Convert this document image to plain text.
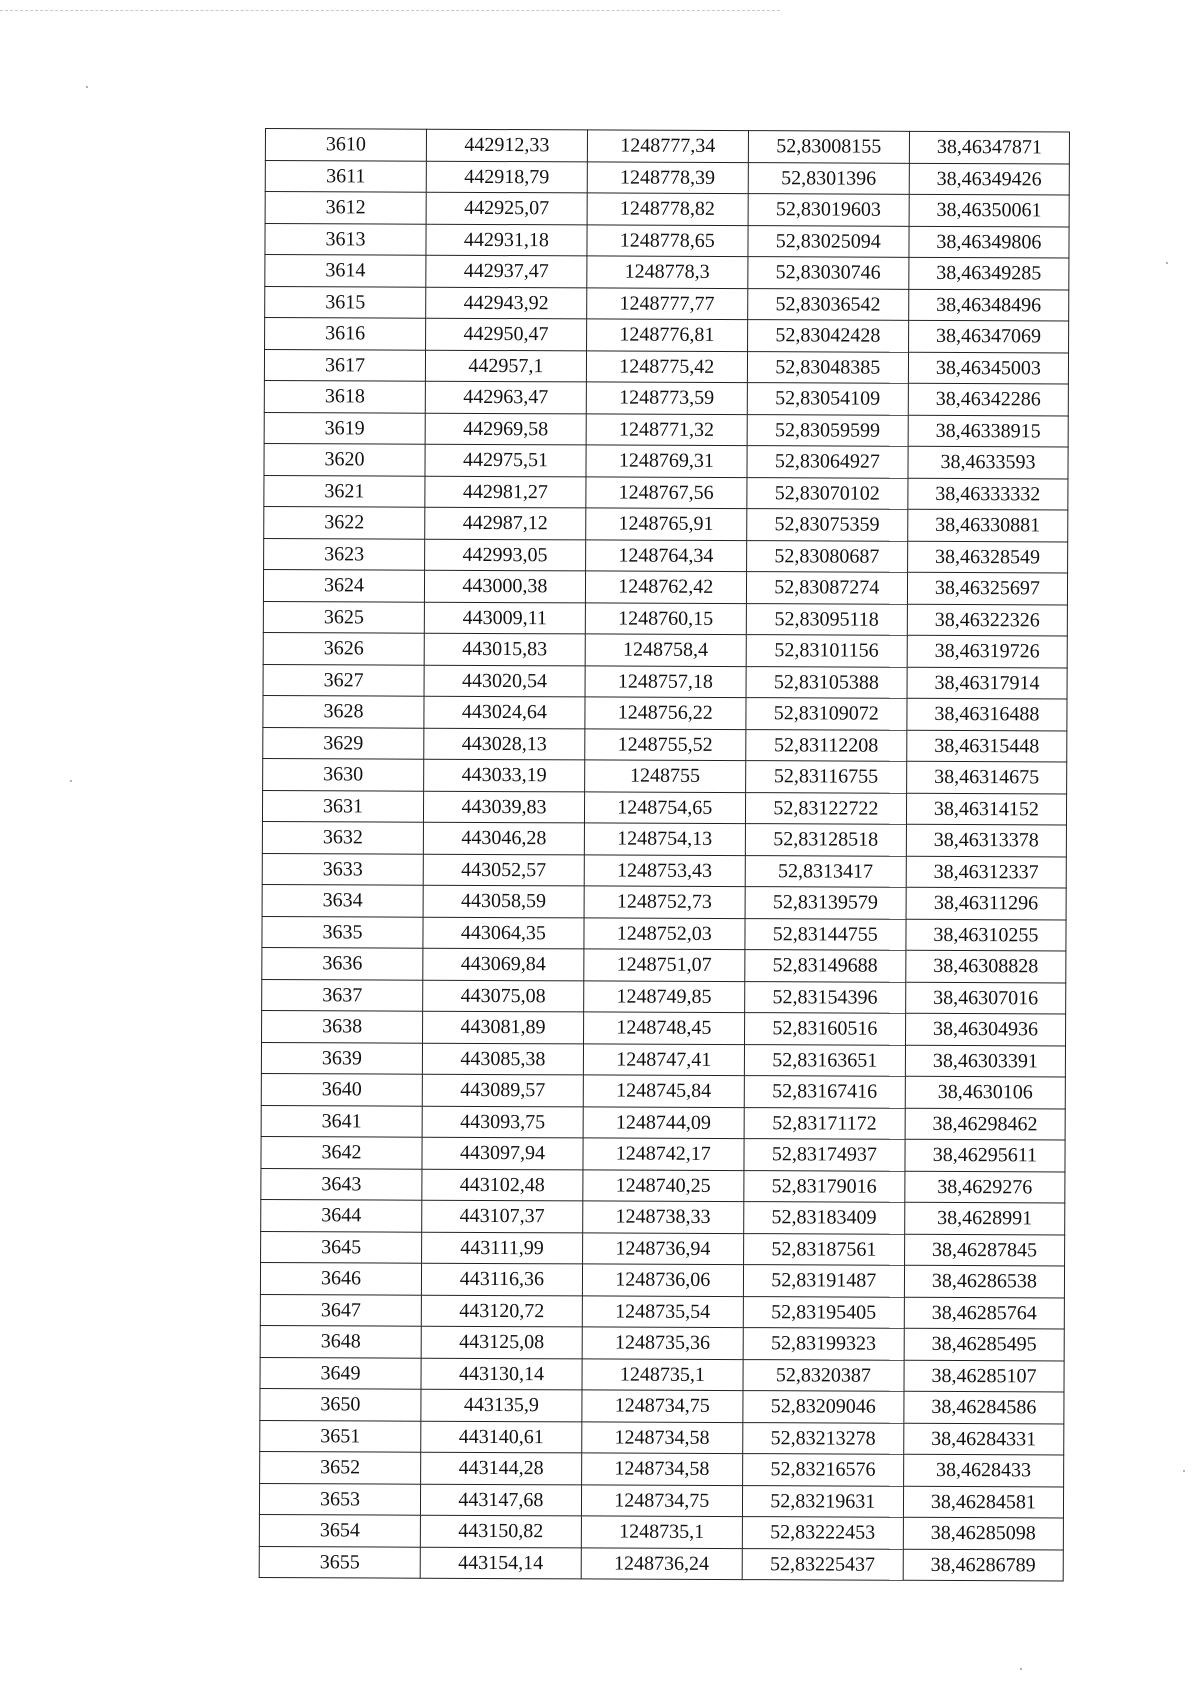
3610	442912,33	1248777,34	52,83008155	38,46347871
3611	442918,79	1248778,39	52,8301396	38,46349426
3612	442925,07	1248778,82	52,83019603	38,46350061
3613	442931,18	1248778,65	52,83025094	38,46349806
3614	442937,47	1248778,3	52,83030746	38,46349285
3615	442943,92	1248777,77	52,83036542	38,46348496
3616	442950,47	1248776,81	52,83042428	38,46347069
3617	442957,1	1248775,42	52,83048385	38,46345003
3618	442963,47	1248773,59	52,83054109	38,46342286
3619	442969,58	1248771,32	52,83059599	38,46338915
3620	442975,51	1248769,31	52,83064927	38,4633593
3621	442981,27	1248767,56	52,83070102	38,46333332
3622	442987,12	1248765,91	52,83075359	38,46330881
3623	442993,05	1248764,34	52,83080687	38,46328549
3624	443000,38	1248762,42	52,83087274	38,46325697
3625	443009,11	1248760,15	52,83095118	38,46322326
3626	443015,83	1248758,4	52,83101156	38,46319726
3627	443020,54	1248757,18	52,83105388	38,46317914
3628	443024,64	1248756,22	52,83109072	38,46316488
3629	443028,13	1248755,52	52,83112208	38,46315448
3630	443033,19	1248755	52,83116755	38,46314675
3631	443039,83	1248754,65	52,83122722	38,46314152
3632	443046,28	1248754,13	52,83128518	38,46313378
3633	443052,57	1248753,43	52,8313417	38,46312337
3634	443058,59	1248752,73	52,83139579	38,46311296
3635	443064,35	1248752,03	52,83144755	38,46310255
3636	443069,84	1248751,07	52,83149688	38,46308828
3637	443075,08	1248749,85	52,83154396	38,46307016
3638	443081,89	1248748,45	52,83160516	38,46304936
3639	443085,38	1248747,41	52,83163651	38,46303391
3640	443089,57	1248745,84	52,83167416	38,4630106
3641	443093,75	1248744,09	52,83171172	38,46298462
3642	443097,94	1248742,17	52,83174937	38,46295611
3643	443102,48	1248740,25	52,83179016	38,4629276
3644	443107,37	1248738,33	52,83183409	38,4628991
3645	443111,99	1248736,94	52,83187561	38,46287845
3646	443116,36	1248736,06	52,83191487	38,46286538
3647	443120,72	1248735,54	52,83195405	38,46285764
3648	443125,08	1248735,36	52,83199323	38,46285495
3649	443130,14	1248735,1	52,8320387	38,46285107
3650	443135,9	1248734,75	52,83209046	38,46284586
3651	443140,61	1248734,58	52,83213278	38,46284331
3652	443144,28	1248734,58	52,83216576	38,4628433
3653	443147,68	1248734,75	52,83219631	38,46284581
3654	443150,82	1248735,1	52,83222453	38,46285098
3655	443154,14	1248736,24	52,83225437	38,46286789
